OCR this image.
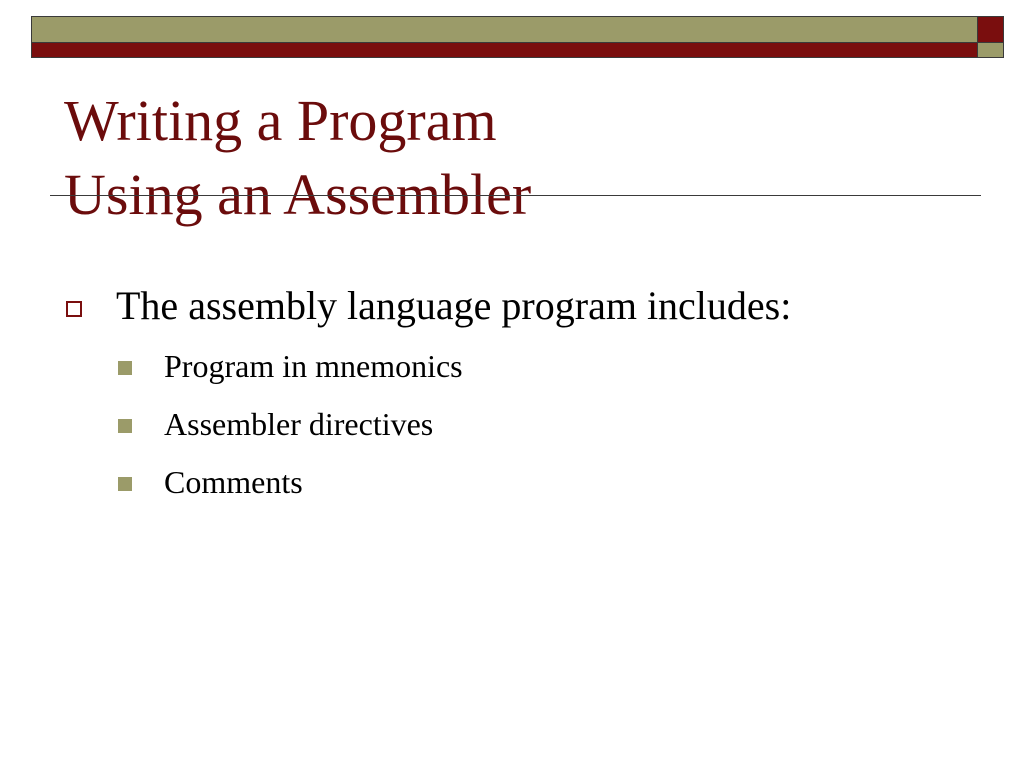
Writing a Program
Using an Assembler
The assembly language program includes:
Program in mnemonics
Assembler directives
Comments
